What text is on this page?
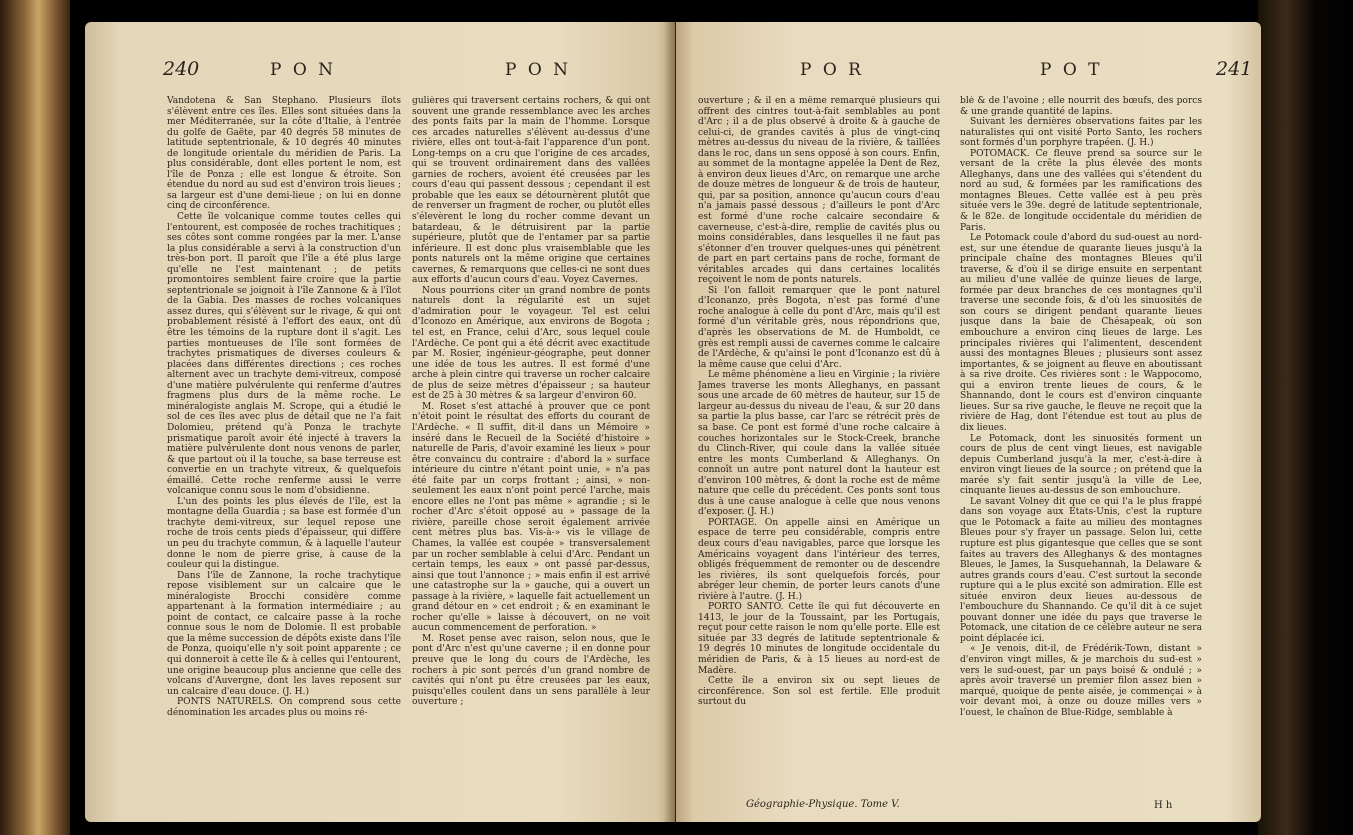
240	P O N	P O N

Vandotena & San Stephano. Plusieurs îlots s'élèvent entre ces îles. Elles sont situées dans la mer Méditerranée, sur la côte d'Italie, à l'entrée du golfe de Gaëte, par 40 degrés 58 minutes de latitude septentrionale, & 10 degrés 40 minutes de longitude orientale du méridien de Paris. La plus considérable, dont elles portent le nom, est l'île de Ponza ; elle est longue & étroite. Son étendue du nord au sud est d'environ trois lieues ; sa largeur est d'une demi-lieue ; on lui en donne cinq de circonférence.

Cette île volcanique comme toutes celles qui l'entourent, est composée de roches trachitiques ; ses côtes sont comme rongées par la mer. L'anse la plus considérable a servi à la construction d'un très-bon port. Il paroît que l'île a été plus large qu'elle ne l'est maintenant ; de petits promontoires semblent faire croire que la partie septentrionale se joignoit à l'île Zannone & à l'îlot de la Gabia. Des masses de roches volcaniques assez dures, qui s'élèvent sur le rivage, & qui ont probablement résisté à l'effort des eaux, ont dû être les témoins de la rupture dont il s'agit. Les parties montueuses de l'île sont formées de trachytes prismatiques de diverses couleurs & placées dans différentes directions ; ces roches alternent avec un trachyte demi-vitreux, composé d'une matière pulvérulente qui renferme d'autres fragmens plus durs de la même roche. Le minéralogiste anglais M. Scrope, qui a étudié le sol de ces îles avec plus de détail que ne l'a fait Dolomieu, prétend qu'à Ponza le trachyte prismatique paroît avoir été injecté à travers la matière pulvérulente dont nous venons de parler, & que partout où il la touche, sa base terreuse est convertie en un trachyte vitreux, & quelquefois émaillé. Cette roche renferme aussi le verre volcanique connu sous le nom d'obsidienne.

L'un des points les plus élevés de l'île, est la montagne della Guardia ; sa base est formée d'un trachyte demi-vitreux, sur lequel repose une roche de trois cents pieds d'épaisseur, qui diffère un peu du trachyte commun, & à laquelle l'auteur donne le nom de pierre grise, à cause de la couleur qui la distingue.

Dans l'île de Zannone, la roche trachytique repose visiblement sur un calcaire que le minéralogiste Brocchi considère comme appartenant à la formation intermédiaire ; au point de contact, ce calcaire passe à la roche connue sous le nom de Dolomie. Il est probable que la même succession de dépôts existe dans l'île de Ponza, quoiqu'elle n'y soit point apparente ; ce qui donneroit à cette île & à celles qui l'entourent, une origine beaucoup plus ancienne que celle des volcans d'Auvergne, dont les laves reposent sur un calcaire d'eau douce. (J. H.)

PONTS NATURELS. On comprend sous cette dénomination les arcades plus ou moins ré-

gulières qui traversent certains rochers, & qui ont souvent une grande ressemblance avec les arches des ponts faits par la main de l'homme. Lorsque ces arcades naturelles s'élèvent au-dessus d'une rivière, elles ont tout-à-fait l'apparence d'un pont. Long-temps on a cru que l'origine de ces arcades, qui se trouvent ordinairement dans des vallées garnies de rochers, avoient été creusées par les cours d'eau qui passent dessous ; cependant il est probable que les eaux se détournèrent plutôt que de renverser un fragment de rocher, ou plutôt elles s'élevèrent le long du rocher comme devant un batardeau, & le détruisirent par la partie supérieure, plutôt que de l'entamer par sa partie inférieure. Il est donc plus vraisemblable que les ponts naturels ont la même origine que certaines cavernes, & remarquons que celles-ci ne sont dues aux efforts d'aucun cours d'eau. Voyez Cavernes.

Nous pourrions citer un grand nombre de ponts naturels dont la régularité est un sujet d'admiration pour le voyageur. Tel est celui d'Iconozo en Amérique, aux environs de Bogota ; tel est, en France, celui d'Arc, sous lequel coule l'Ardèche. Ce pont qui a été décrit avec exactitude par M. Rosier, ingénieur-géographe, peut donner une idée de tous les autres. Il est formé d'une arche à plein cintre qui traverse un rocher calcaire de plus de seize mètres d'épaisseur ; sa hauteur est de 25 à 30 mètres & sa largeur d'environ 60.

M. Roset s'est attaché à prouver que ce pont n'étoit point le résultat des efforts du courant de l'Ardèche. « Il suffit, dit-il dans un Mémoire » inséré dans le Recueil de la Société d'histoire » naturelle de Paris, d'avoir examiné les lieux » pour être convaincu du contraire : d'abord la » surface intérieure du cintre n'étant point unie, » n'a pas été faite par un corps frottant ; ainsi, » non-seulement les eaux n'ont point percé l'arche, mais encore elles ne l'ont pas même » agrandie ; si le rocher d'Arc s'étoit opposé au » passage de la rivière, pareille chose seroit également arrivée cent mètres plus bas. Vis-à-» vis le village de Chames, la vallée est coupée » transversalement par un rocher semblable à celui d'Arc. Pendant un certain temps, les eaux » ont passé par-dessus, ainsi que tout l'annonce ; » mais enfin il est arrivé une catastrophe sur la » gauche, qui a ouvert un passage à la rivière, » laquelle fait actuellement un grand détour en » cet endroit ; & en examinant le rocher qu'elle » laisse à découvert, on ne voit aucun commencement de perforation. »

M. Roset pense avec raison, selon nous, que le pont d'Arc n'est qu'une caverne ; il en donne pour preuve que le long du cours de l'Ardèche, les rochers à pic sont percés d'un grand nombre de cavités qui n'ont pu être creusées par les eaux, puisqu'elles coulent dans un sens parallèle à leur ouverture ;

P O R	P O T	241

ouverture ; & il en a même remarqué plusieurs qui offrent des cintres tout-à-fait semblables au pont d'Arc ; il a de plus observé à droite & à gauche de celui-ci, de grandes cavités à plus de vingt-cinq mètres au-dessus du niveau de la rivière, & taillées dans le roc, dans un sens opposé à son cours. Enfin, au sommet de la montagne appelée la Dent de Rez, à environ deux lieues d'Arc, on remarque une arche de douze mètres de longueur & de trois de hauteur, qui, par sa position, annonce qu'aucun cours d'eau n'a jamais passé dessous ; d'ailleurs le pont d'Arc est formé d'une roche calcaire secondaire & caverneuse, c'est-à-dire, remplie de cavités plus ou moins considérables, dans lesquelles il ne faut pas s'étonner d'en trouver quelques-unes qui pénètrent de part en part certains pans de roche, formant de véritables arcades qui dans certaines localités reçoivent le nom de ponts naturels.

Si l'on falloit remarquer que le pont naturel d'Iconanzo, près Bogota, n'est pas formé d'une roche analogue à celle du pont d'Arc, mais qu'il est formé d'un véritable grès, nous répondrions que, d'après les observations de M. de Humboldt, ce grès est rempli aussi de cavernes comme le calcaire de l'Ardèche, & qu'ainsi le pont d'Iconanzo est dû à la même cause que celui d'Arc.

Le même phénomène a lieu en Virginie ; la rivière James traverse les monts Alleghanys, en passant sous une arcade de 60 mètres de hauteur, sur 15 de largeur au-dessus du niveau de l'eau, & sur 20 dans sa partie la plus basse, car l'arc se rétrécit près de sa base. Ce pont est formé d'une roche calcaire à couches horizontales sur le Stock-Creek, branche du Clinch-River, qui coule dans la vallée située entre les monts Cumberland & Alleghanys. On connoît un autre pont naturel dont la hauteur est d'environ 100 mètres, & dont la roche est de même nature que celle du précédent. Ces ponts sont tous dus à une cause analogue à celle que nous venons d'exposer. (J. H.)

PORTAGE. On appelle ainsi en Amérique un espace de terre peu considérable, compris entre deux cours d'eau navigables, parce que lorsque les Américains voyagent dans l'intérieur des terres, obligés fréquemment de remonter ou de descendre les rivières, ils sont quelquefois forcés, pour abréger leur chemin, de porter leurs canots d'une rivière à l'autre. (J. H.)

PORTO SANTO. Cette île qui fut découverte en 1413, le jour de la Toussaint, par les Portugais, reçut pour cette raison le nom qu'elle porte. Elle est située par 33 degrés de latitude septentrionale & 19 degrés 10 minutes de longitude occidentale du méridien de Paris, & à 15 lieues au nord-est de Madère.

Cette île a environ six ou sept lieues de circonférence. Son sol est fertile. Elle produit surtout du

Géographie-Physique. Tome V.

blé & de l'avoine ; elle nourrit des bœufs, des porcs & une grande quantité de lapins.

Suivant les dernières observations faites par les naturalistes qui ont visité Porto Santo, les rochers sont formés d'un porphyre trapéen. (J. H.)

POTOMACK. Ce fleuve prend sa source sur le versant de la crête la plus élevée des monts Alleghanys, dans une des vallées qui s'étendent du nord au sud, & formées par les ramifications des montagnes Bleues. Cette vallée est à peu près située vers le 39e. degré de latitude septentrionale, & le 82e. de longitude occidentale du méridien de Paris.

Le Potomack coule d'abord du sud-ouest au nord-est, sur une étendue de quarante lieues jusqu'à la principale chaîne des montagnes Bleues qu'il traverse, & d'où il se dirige ensuite en serpentant au milieu d'une vallée de quinze lieues de large, formée par deux branches de ces montagnes qu'il traverse une seconde fois, & d'où les sinuosités de son cours se dirigent pendant quarante lieues jusque dans la baie de Chésapeak, où son embouchure a environ cinq lieues de large. Les principales rivières qui l'alimentent, descendent aussi des montagnes Bleues ; plusieurs sont assez importantes, & se joignent au fleuve en aboutissant à sa rive droite. Ces rivières sont : le Wappocomo, qui a environ trente lieues de cours, & le Shannando, dont le cours est d'environ cinquante lieues. Sur sa rive gauche, le fleuve ne reçoit que la rivière de Hag, dont l'étendue est tout au plus de dix lieues.

Le Potomack, dont les sinuosités forment un cours de plus de cent vingt lieues, est navigable depuis Cumberland jusqu'à la mer, c'est-à-dire à environ vingt lieues de la source ; on prétend que la marée s'y fait sentir jusqu'à la ville de Lee, cinquante lieues au-dessus de son embouchure.

Le savant Volney dit que ce qui l'a le plus frappé dans son voyage aux Etats-Unis, c'est la rupture que le Potomack a faite au milieu des montagnes Bleues pour s'y frayer un passage. Selon lui, cette rupture est plus gigantesque que celles que se sont faites au travers des Alleghanys & des montagnes Bleues, le James, la Susquehannah, la Delaware & autres grands cours d'eau. C'est surtout la seconde rupture qui a le plus excité son admiration. Elle est située environ deux lieues au-dessous de l'embouchure du Shannando. Ce qu'il dit à ce sujet pouvant donner une idée du pays que traverse le Potomack, une citation de ce célèbre auteur ne sera point déplacée ici.

« Je venois, dit-il, de Frédérik-Town, distant » d'environ vingt milles, & je marchois du sud-est » vers le sud-ouest, par un pays boisé & ondulé ; » après avoir traversé un premier filon assez bien » marqué, quoique de pente aisée, je commençai » à voir devant moi, à onze ou douze milles vers » l'ouest, le chaînon de Blue-Ridge, semblable à

H h
